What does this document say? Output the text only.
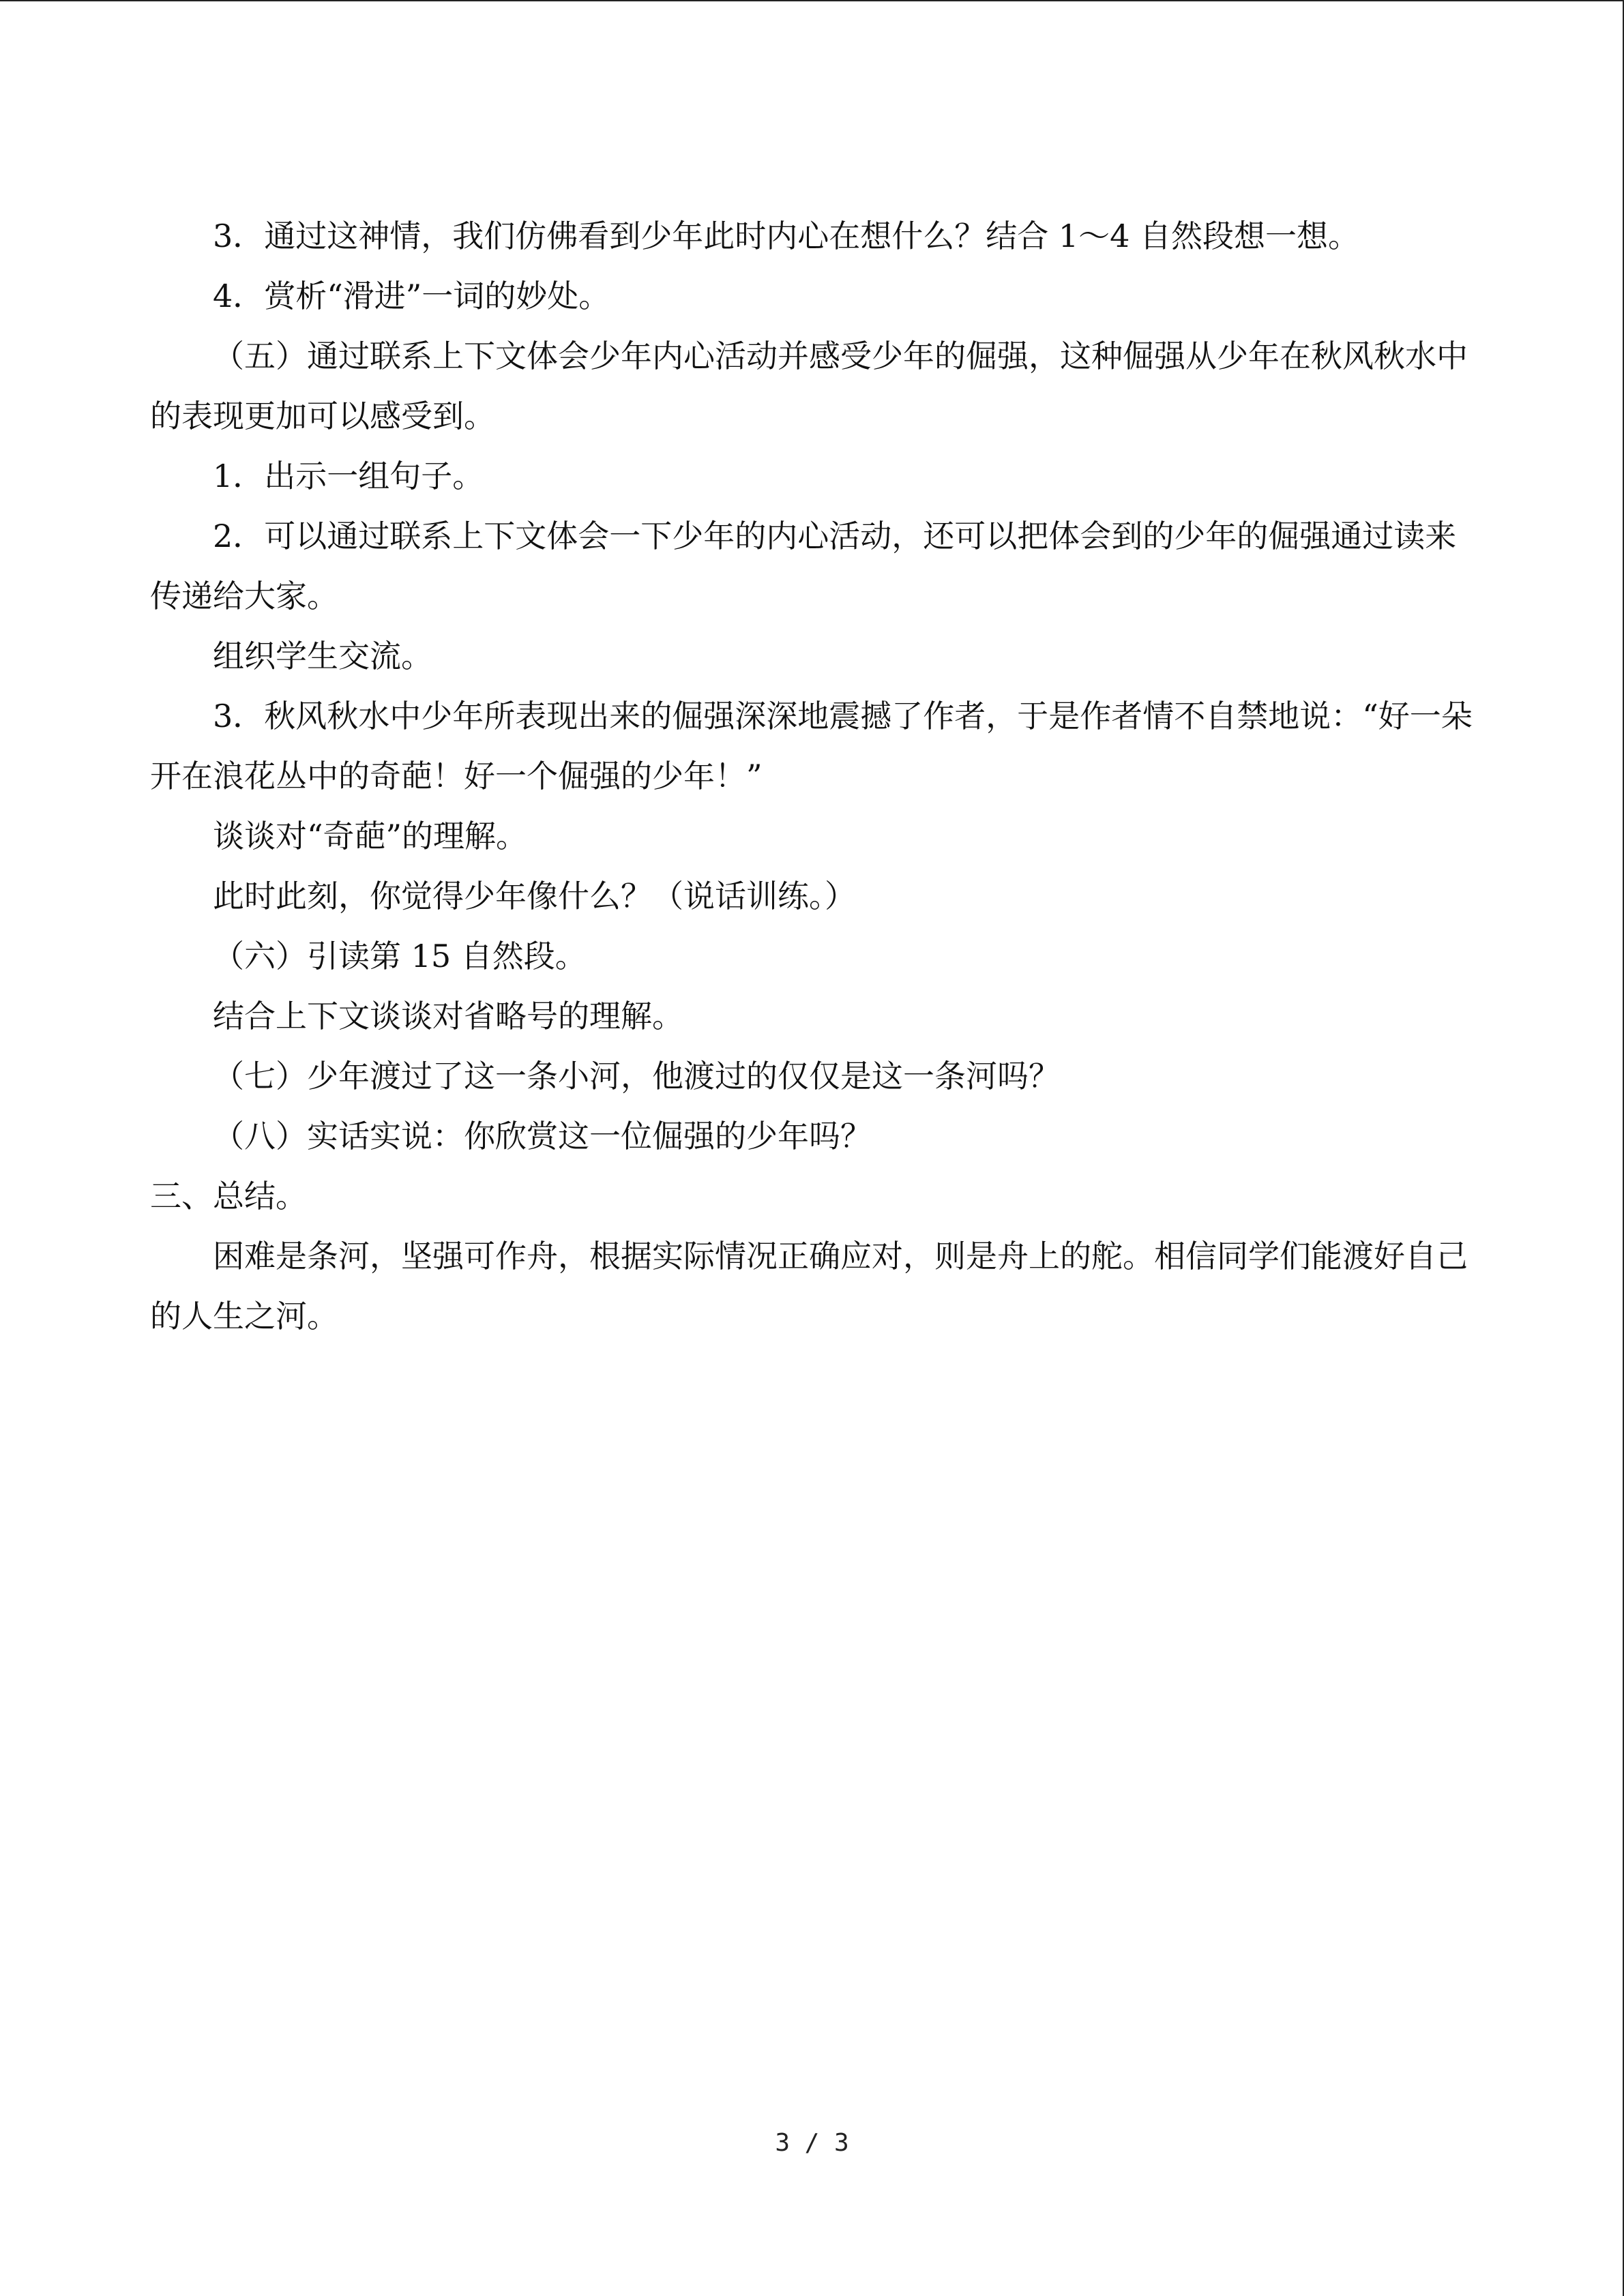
3．通过这神情，我们仿佛看到少年此时内心在想什么？结合 1～4 自然段想一想。

4．赏析“滑进”一词的妙处。

（五）通过联系上下文体会少年内心活动并感受少年的倔强，这种倔强从少年在秋风秋水中的表现更加可以感受到。

1．出示一组句子。

2．可以通过联系上下文体会一下少年的内心活动，还可以把体会到的少年的倔强通过读来传递给大家。

组织学生交流。

3．秋风秋水中少年所表现出来的倔强深深地震撼了作者，于是作者情不自禁地说：“好一朵开在浪花丛中的奇葩！好一个倔强的少年！”

谈谈对“奇葩”的理解。

此时此刻，你觉得少年像什么？（说话训练。）

（六）引读第 15 自然段。

结合上下文谈谈对省略号的理解。

（七）少年渡过了这一条小河，他渡过的仅仅是这一条河吗？

（八）实话实说：你欣赏这一位倔强的少年吗？

三、总结。

困难是条河，坚强可作舟，根据实际情况正确应对，则是舟上的舵。相信同学们能渡好自己的人生之河。

3 / 3
